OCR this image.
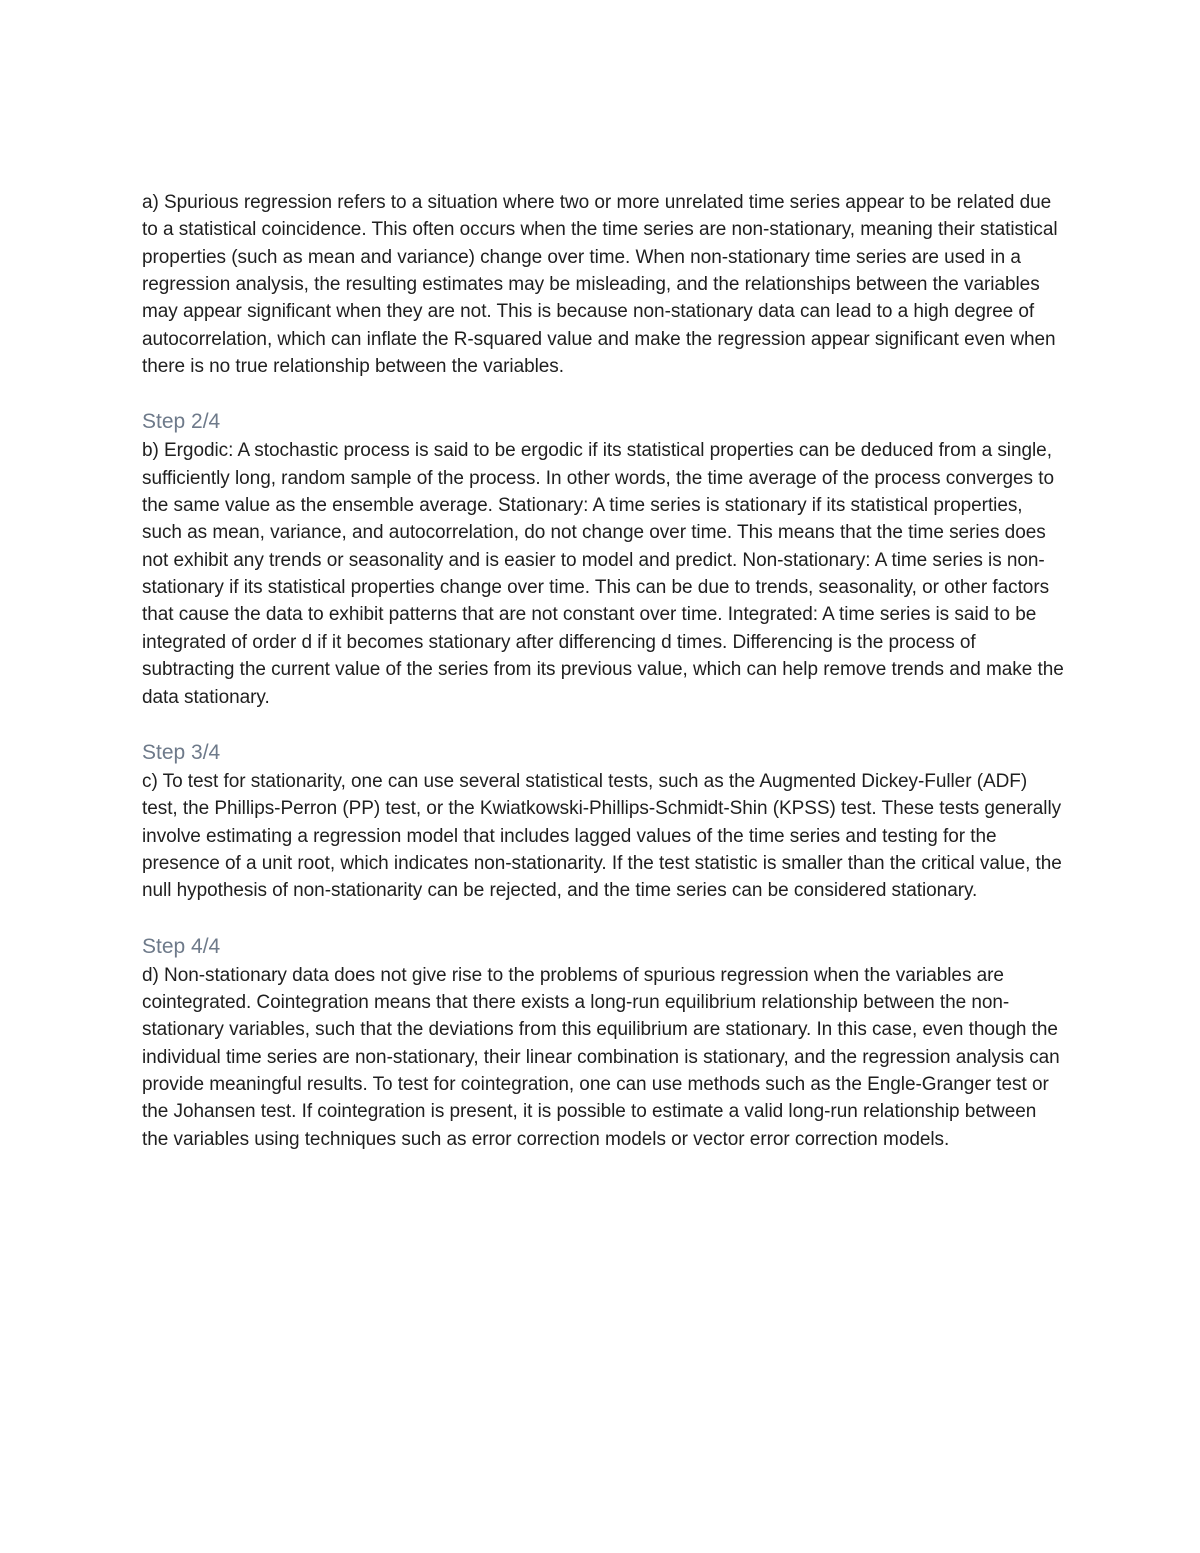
a) Spurious regression refers to a situation where two or more unrelated time series appear to be related due to a statistical coincidence. This often occurs when the time series are non-stationary, meaning their statistical properties (such as mean and variance) change over time. When non-stationary time series are used in a regression analysis, the resulting estimates may be misleading, and the relationships between the variables may appear significant when they are not. This is because non-stationary data can lead to a high degree of autocorrelation, which can inflate the R-squared value and make the regression appear significant even when there is no true relationship between the variables.

Step 2/4

b) Ergodic: A stochastic process is said to be ergodic if its statistical properties can be deduced from a single, sufficiently long, random sample of the process. In other words, the time average of the process converges to the same value as the ensemble average. Stationary: A time series is stationary if its statistical properties, such as mean, variance, and autocorrelation, do not change over time. This means that the time series does not exhibit any trends or seasonality and is easier to model and predict. Non-stationary: A time series is non-stationary if its statistical properties change over time. This can be due to trends, seasonality, or other factors that cause the data to exhibit patterns that are not constant over time. Integrated: A time series is said to be integrated of order d if it becomes stationary after differencing d times. Differencing is the process of subtracting the current value of the series from its previous value, which can help remove trends and make the data stationary.

Step 3/4

c) To test for stationarity, one can use several statistical tests, such as the Augmented Dickey-Fuller (ADF) test, the Phillips-Perron (PP) test, or the Kwiatkowski-Phillips-Schmidt-Shin (KPSS) test. These tests generally involve estimating a regression model that includes lagged values of the time series and testing for the presence of a unit root, which indicates non-stationarity. If the test statistic is smaller than the critical value, the null hypothesis of non-stationarity can be rejected, and the time series can be considered stationary.

Step 4/4

d) Non-stationary data does not give rise to the problems of spurious regression when the variables are cointegrated. Cointegration means that there exists a long-run equilibrium relationship between the non-stationary variables, such that the deviations from this equilibrium are stationary. In this case, even though the individual time series are non-stationary, their linear combination is stationary, and the regression analysis can provide meaningful results. To test for cointegration, one can use methods such as the Engle-Granger test or the Johansen test. If cointegration is present, it is possible to estimate a valid long-run relationship between the variables using techniques such as error correction models or vector error correction models.
